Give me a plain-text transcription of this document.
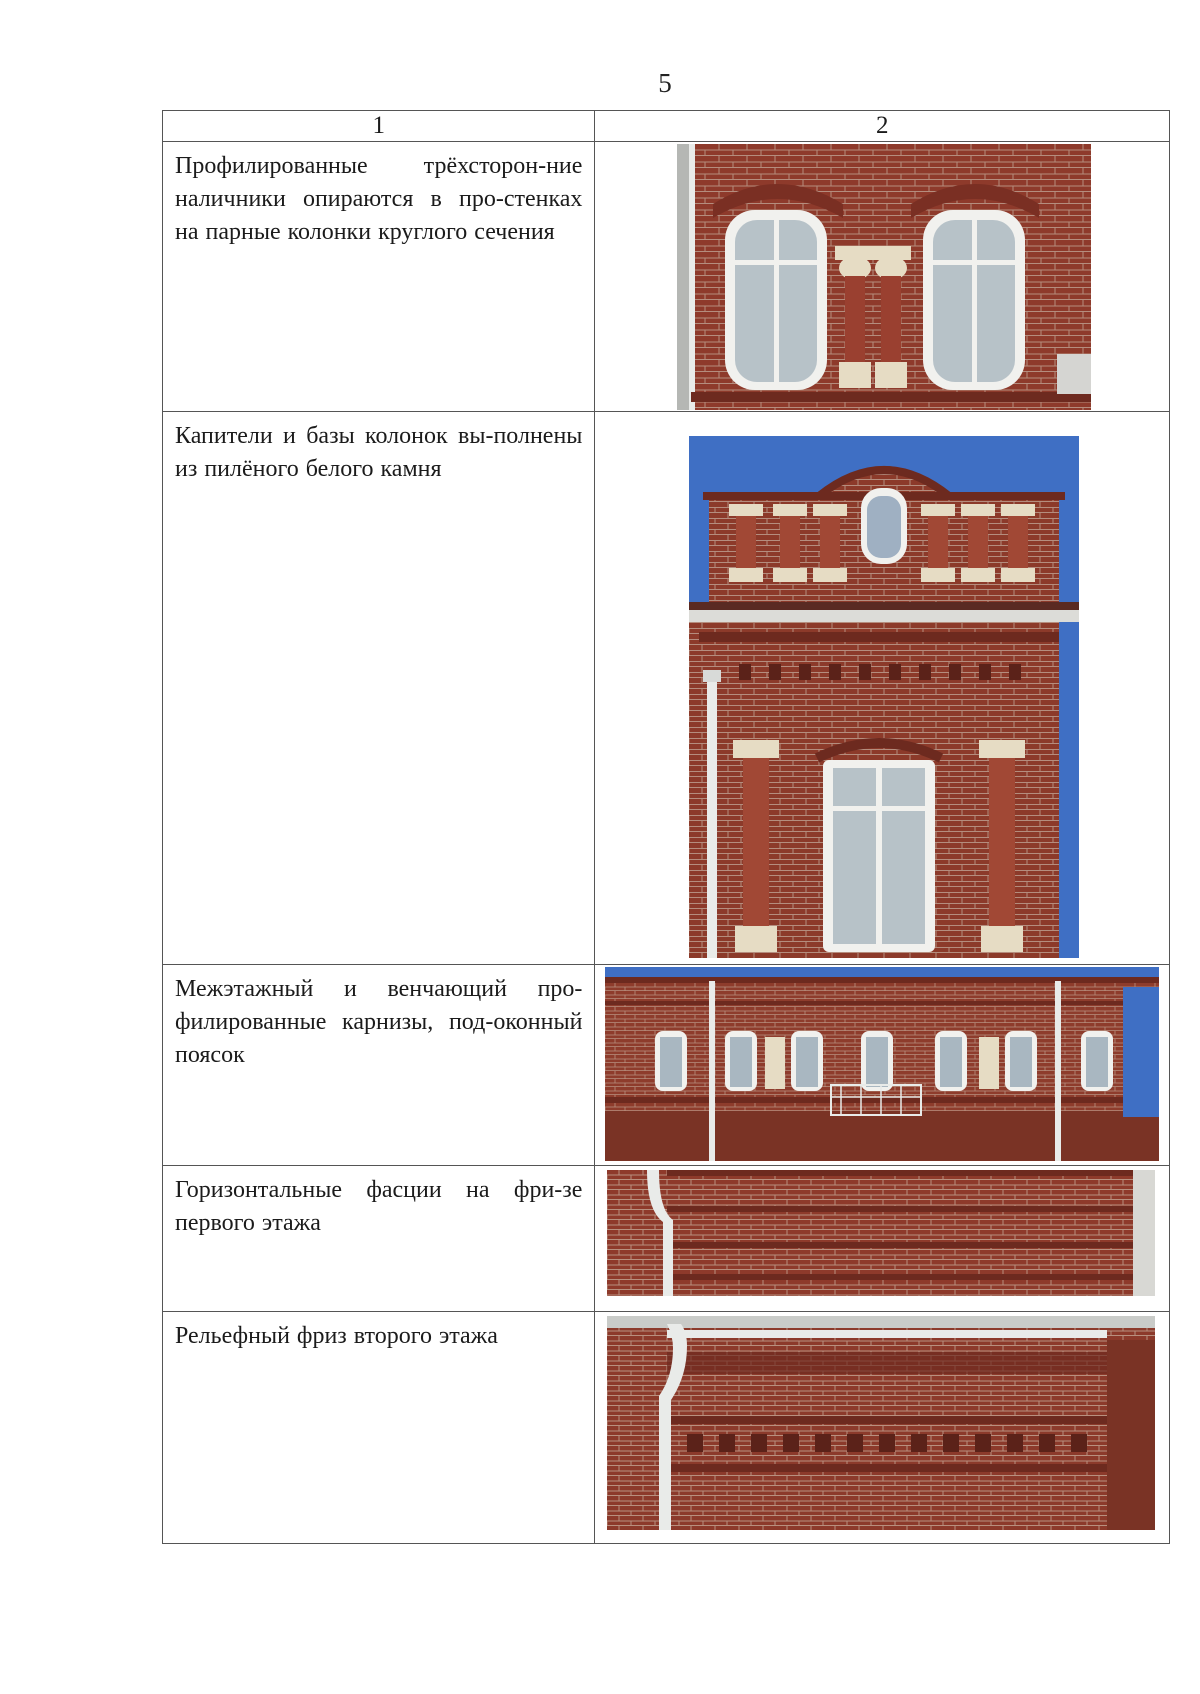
5
1	2

Профилированные трёхсторон-ние наличники опираются в про-стенках на парные колонки круглого сечения

Капители и базы колонок вы-полнены из пилёного белого камня

Межэтажный и венчающий про-филированные карнизы, под-оконный поясок

Горизонтальные фасции на фри-зе первого этажа

Рельефный фриз второго этажа
